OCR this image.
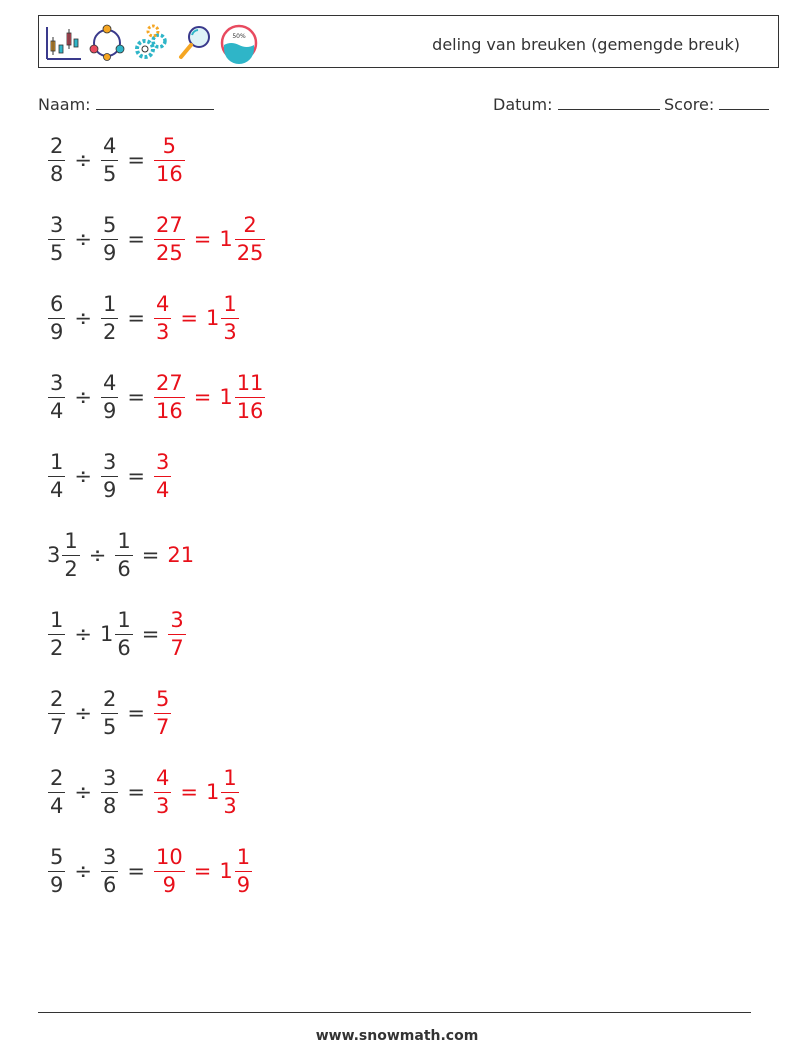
50%	deling van breuken (gemengde breuk)
Naam:	Datum:	Score:
$\frac{2}{8} \div \frac{4}{5} = \frac{5}{16}$
$\frac{3}{5} \div \frac{5}{9} = \frac{27}{25} = 1 \frac{2}{25}$
$\frac{6}{9} \div \frac{1}{2} = \frac{4}{3} = 1 \frac{1}{3}$
$\frac{3}{4} \div \frac{4}{9} = \frac{27}{16} = 1 \frac{11}{16}$
$\frac{1}{4} \div \frac{3}{9} = \frac{3}{4}$
$3 \frac{1}{2} \div \frac{1}{6} = 21$
$\frac{1}{2} \div 1 \frac{1}{6} = \frac{3}{7}$
$\frac{2}{7} \div \frac{2}{5} = \frac{5}{7}$
$\frac{2}{4} \div \frac{3}{8} = \frac{4}{3} = 1 \frac{1}{3}$
$\frac{5}{9} \div \frac{3}{6} = \frac{10}{9} = 1 \frac{1}{9}$
www.snowmath.com
